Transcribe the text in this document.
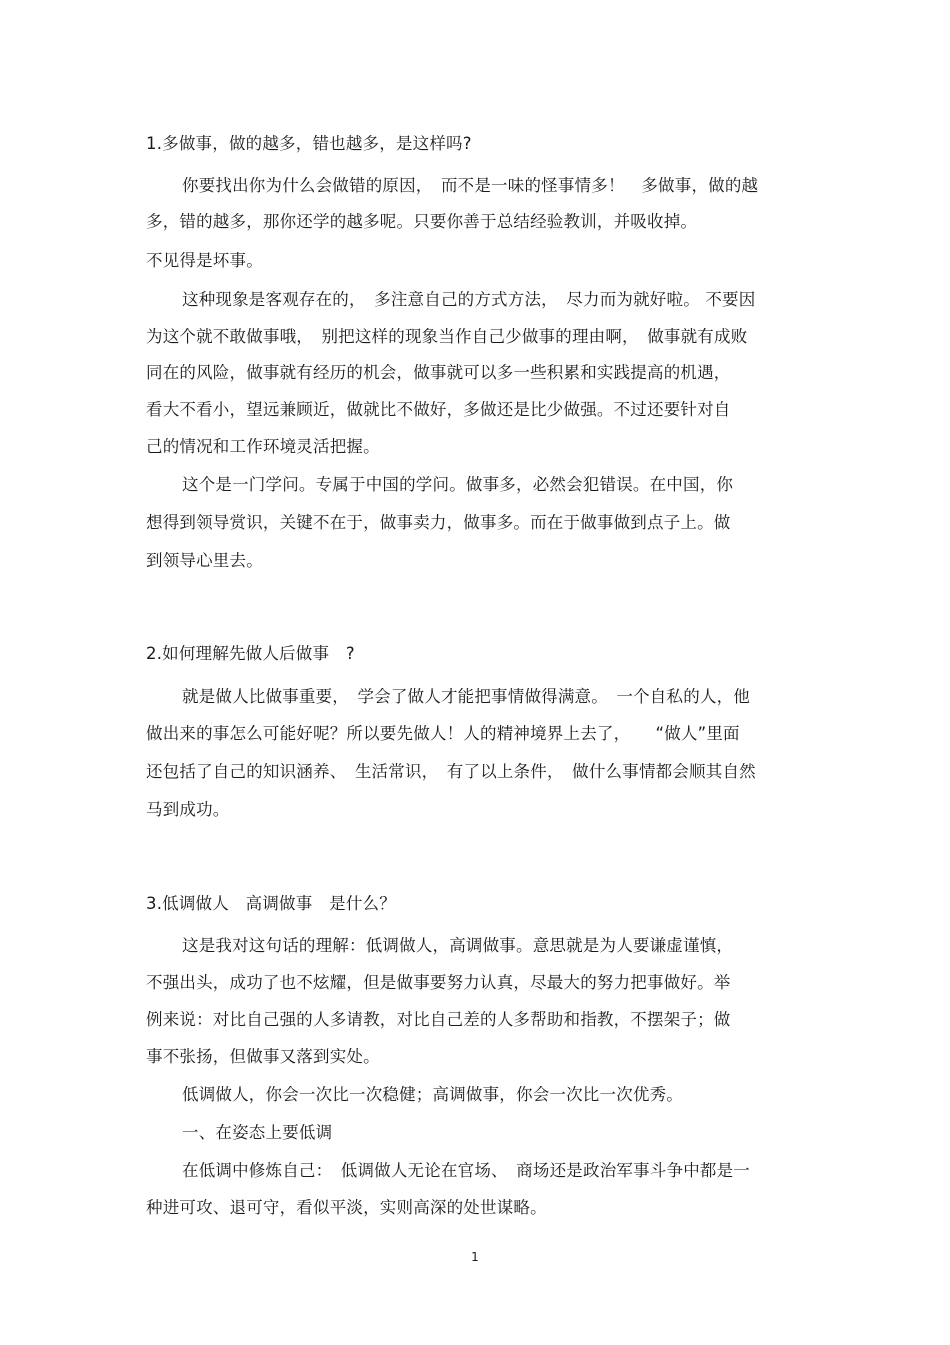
1.多做事，做的越多，错也越多，是这样吗?
你要找出你为什么会做错的原因，　而不是一味的怪事情多！　多做事，做的越
多，错的越多，那你还学的越多呢。只要你善于总结经验教训，并吸收掉。
不见得是坏事。
这种现象是客观存在的，　多注意自己的方式方法，　尽力而为就好啦。 不要因
为这个就不敢做事哦，　别把这样的现象当作自己少做事的理由啊，　做事就有成败
同在的风险，做事就有经历的机会，做事就可以多一些积累和实践提高的机遇，
看大不看小，望远兼顾近，做就比不做好，多做还是比少做强。不过还要针对自
己的情况和工作环境灵活把握。
这个是一门学问。专属于中国的学问。做事多，必然会犯错误。在中国，你
想得到领导赏识，关键不在于，做事卖力，做事多。而在于做事做到点子上。做
到领导心里去。
2.如何理解先做人后做事　?
就是做人比做事重要，　学会了做人才能把事情做得满意。　一个自私的人，他
做出来的事怎么可能好呢？所以要先做人！人的精神境界上去了，　　“做人”里面
还包括了自己的知识涵养、　生活常识，　有了以上条件，　做什么事情都会顺其自然
马到成功。
3.低调做人　高调做事　是什么？
这是我对这句话的理解：低调做人，高调做事。意思就是为人要谦虚谨慎，
不强出头，成功了也不炫耀，但是做事要努力认真，尽最大的努力把事做好。举
例来说：对比自己强的人多请教，对比自己差的人多帮助和指教，不摆架子；做
事不张扬，但做事又落到实处。
低调做人，你会一次比一次稳健；高调做事，你会一次比一次优秀。
一、在姿态上要低调
在低调中修炼自己：　低调做人无论在官场、　商场还是政治军事斗争中都是一
种进可攻、退可守，看似平淡，实则高深的处世谋略。
1
